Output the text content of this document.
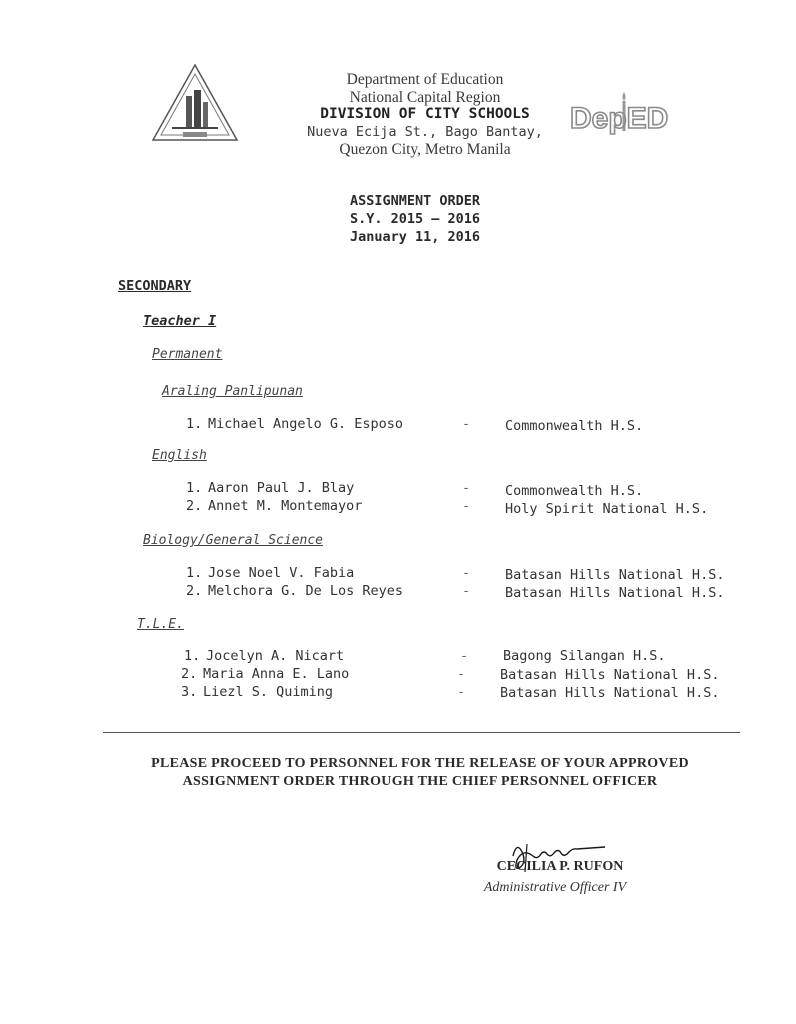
Department of Education
National Capital Region
DIVISION OF CITY SCHOOLS
Nueva Ecija St., Bago Bantay,
Quezon City, Metro Manila
DepED
ASSIGNMENT ORDER
S.Y. 2015 – 2016
January 11, 2016
SECONDARY
Teacher I
Permanent
Araling Panlipunan
1. Michael Angelo G. Esposo	-	Commonwealth H.S.
English
1. Aaron Paul J. Blay	-	Commonwealth H.S.
2. Annet M. Montemayor	-	Holy Spirit National H.S.
Biology/General Science
1. Jose Noel V. Fabia	-	Batasan Hills National H.S.
2. Melchora G. De Los Reyes	-	Batasan Hills National H.S.
T.L.E.
1. Jocelyn A. Nicart	-	Bagong Silangan H.S.
2. Maria Anna E. Lano	-	Batasan Hills National H.S.
3. Liezl S. Quiming	-	Batasan Hills National H.S.
PLEASE PROCEED TO PERSONNEL FOR THE RELEASE OF YOUR APPROVED
ASSIGNMENT ORDER THROUGH THE CHIEF PERSONNEL OFFICER
CECILIA P. RUFON
Administrative Officer IV
